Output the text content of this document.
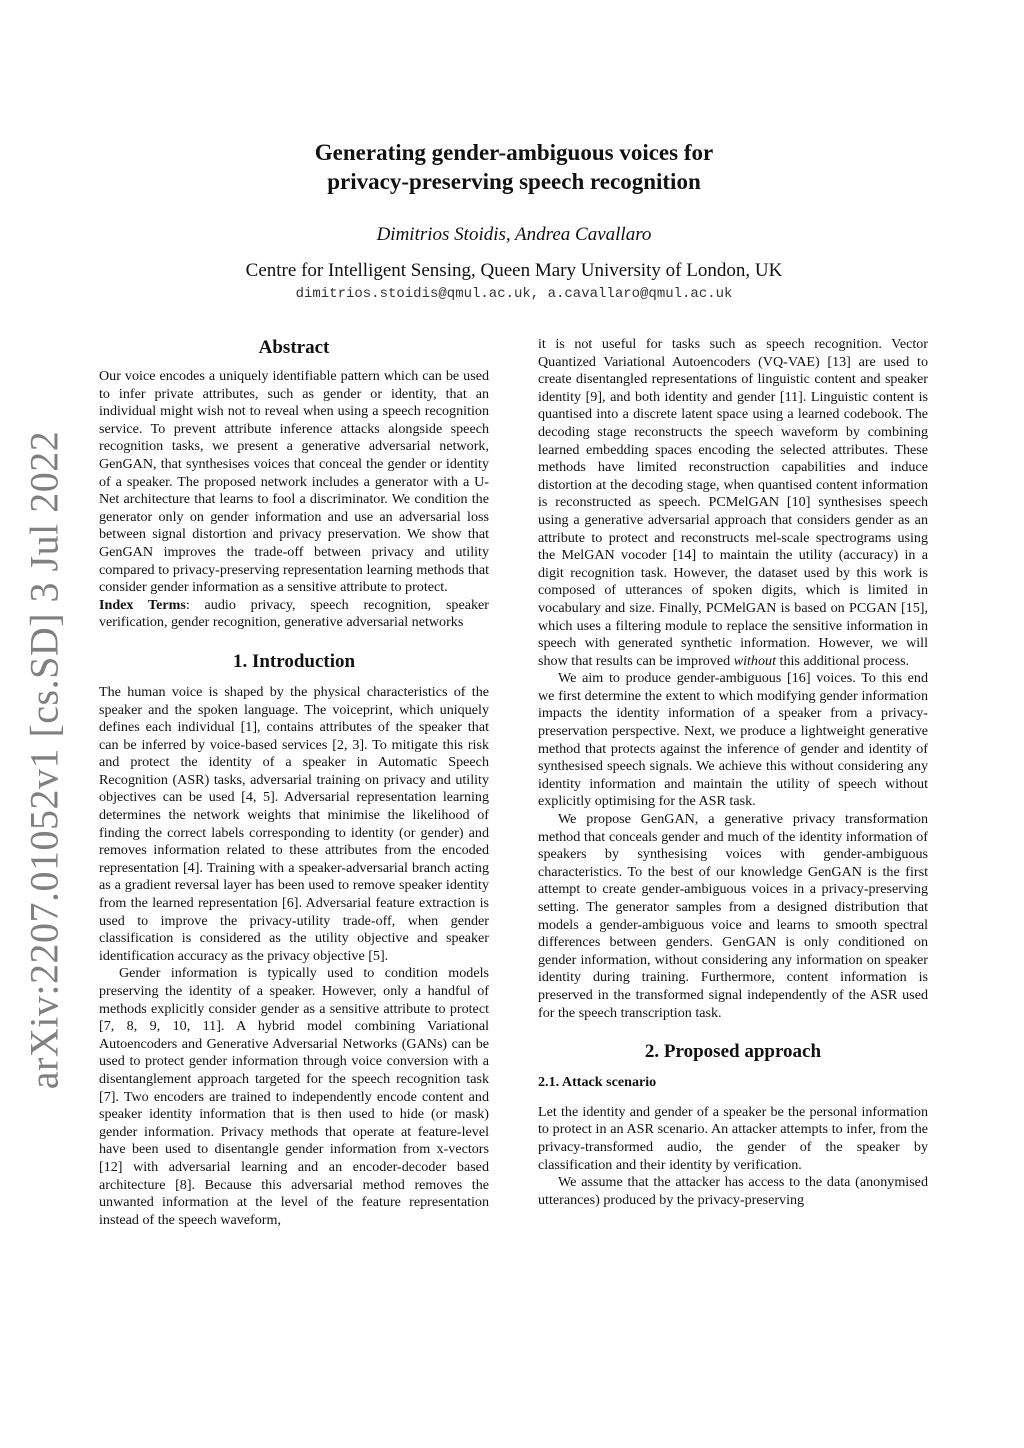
arXiv:2207.01052v1 [cs.SD] 3 Jul 2022
Generating gender-ambiguous voices for
privacy-preserving speech recognition
Dimitrios Stoidis, Andrea Cavallaro
Centre for Intelligent Sensing, Queen Mary University of London, UK
dimitrios.stoidis@qmul.ac.uk, a.cavallaro@qmul.ac.uk
Abstract

Our voice encodes a uniquely identifiable pattern which can be used to infer private attributes, such as gender or identity, that an individual might wish not to reveal when using a speech recognition service. To prevent attribute inference attacks alongside speech recognition tasks, we present a generative adversarial network, GenGAN, that synthesises voices that conceal the gender or identity of a speaker. The proposed network includes a generator with a U-Net architecture that learns to fool a discriminator. We condition the generator only on gender information and use an adversarial loss between signal distortion and privacy preservation. We show that GenGAN improves the trade-off between privacy and utility compared to privacy-preserving representation learning methods that consider gender information as a sensitive attribute to protect.

Index Terms: audio privacy, speech recognition, speaker verification, gender recognition, generative adversarial networks

1. Introduction

The human voice is shaped by the physical characteristics of the speaker and the spoken language. The voiceprint, which uniquely defines each individual [1], contains attributes of the speaker that can be inferred by voice-based services [2, 3]. To mitigate this risk and protect the identity of a speaker in Automatic Speech Recognition (ASR) tasks, adversarial training on privacy and utility objectives can be used [4, 5]. Adversarial representation learning determines the network weights that minimise the likelihood of finding the correct labels corresponding to identity (or gender) and removes information related to these attributes from the encoded representation [4]. Training with a speaker-adversarial branch acting as a gradient reversal layer has been used to remove speaker identity from the learned representation [6]. Adversarial feature extraction is used to improve the privacy-utility trade-off, when gender classification is considered as the utility objective and speaker identification accuracy as the privacy objective [5].

Gender information is typically used to condition models preserving the identity of a speaker. However, only a handful of methods explicitly consider gender as a sensitive attribute to protect [7, 8, 9, 10, 11]. A hybrid model combining Variational Autoencoders and Generative Adversarial Networks (GANs) can be used to protect gender information through voice conversion with a disentanglement approach targeted for the speech recognition task [7]. Two encoders are trained to independently encode content and speaker identity information that is then used to hide (or mask) gender information. Privacy methods that operate at feature-level have been used to disentangle gender information from x-vectors [12] with adversarial learning and an encoder-decoder based architecture [8]. Because this adversarial method removes the unwanted information at the level of the feature representation instead of the speech waveform,

it is not useful for tasks such as speech recognition. Vector Quantized Variational Autoencoders (VQ-VAE) [13] are used to create disentangled representations of linguistic content and speaker identity [9], and both identity and gender [11]. Linguistic content is quantised into a discrete latent space using a learned codebook. The decoding stage reconstructs the speech waveform by combining learned embedding spaces encoding the selected attributes. These methods have limited reconstruction capabilities and induce distortion at the decoding stage, when quantised content information is reconstructed as speech. PCMelGAN [10] synthesises speech using a generative adversarial approach that considers gender as an attribute to protect and reconstructs mel-scale spectrograms using the MelGAN vocoder [14] to maintain the utility (accuracy) in a digit recognition task. However, the dataset used by this work is composed of utterances of spoken digits, which is limited in vocabulary and size. Finally, PCMelGAN is based on PCGAN [15], which uses a filtering module to replace the sensitive information in speech with generated synthetic information. However, we will show that results can be improved without this additional process.

We aim to produce gender-ambiguous [16] voices. To this end we first determine the extent to which modifying gender information impacts the identity information of a speaker from a privacy-preservation perspective. Next, we produce a lightweight generative method that protects against the inference of gender and identity of synthesised speech signals. We achieve this without considering any identity information and maintain the utility of speech without explicitly optimising for the ASR task.

We propose GenGAN, a generative privacy transformation method that conceals gender and much of the identity information of speakers by synthesising voices with gender-ambiguous characteristics. To the best of our knowledge GenGAN is the first attempt to create gender-ambiguous voices in a privacy-preserving setting. The generator samples from a designed distribution that models a gender-ambiguous voice and learns to smooth spectral differences between genders. GenGAN is only conditioned on gender information, without considering any information on speaker identity during training. Furthermore, content information is preserved in the transformed signal independently of the ASR used for the speech transcription task.

2. Proposed approach
2.1. Attack scenario

Let the identity and gender of a speaker be the personal information to protect in an ASR scenario. An attacker attempts to infer, from the privacy-transformed audio, the gender of the speaker by classification and their identity by verification.

We assume that the attacker has access to the data (anonymised utterances) produced by the privacy-preserving
